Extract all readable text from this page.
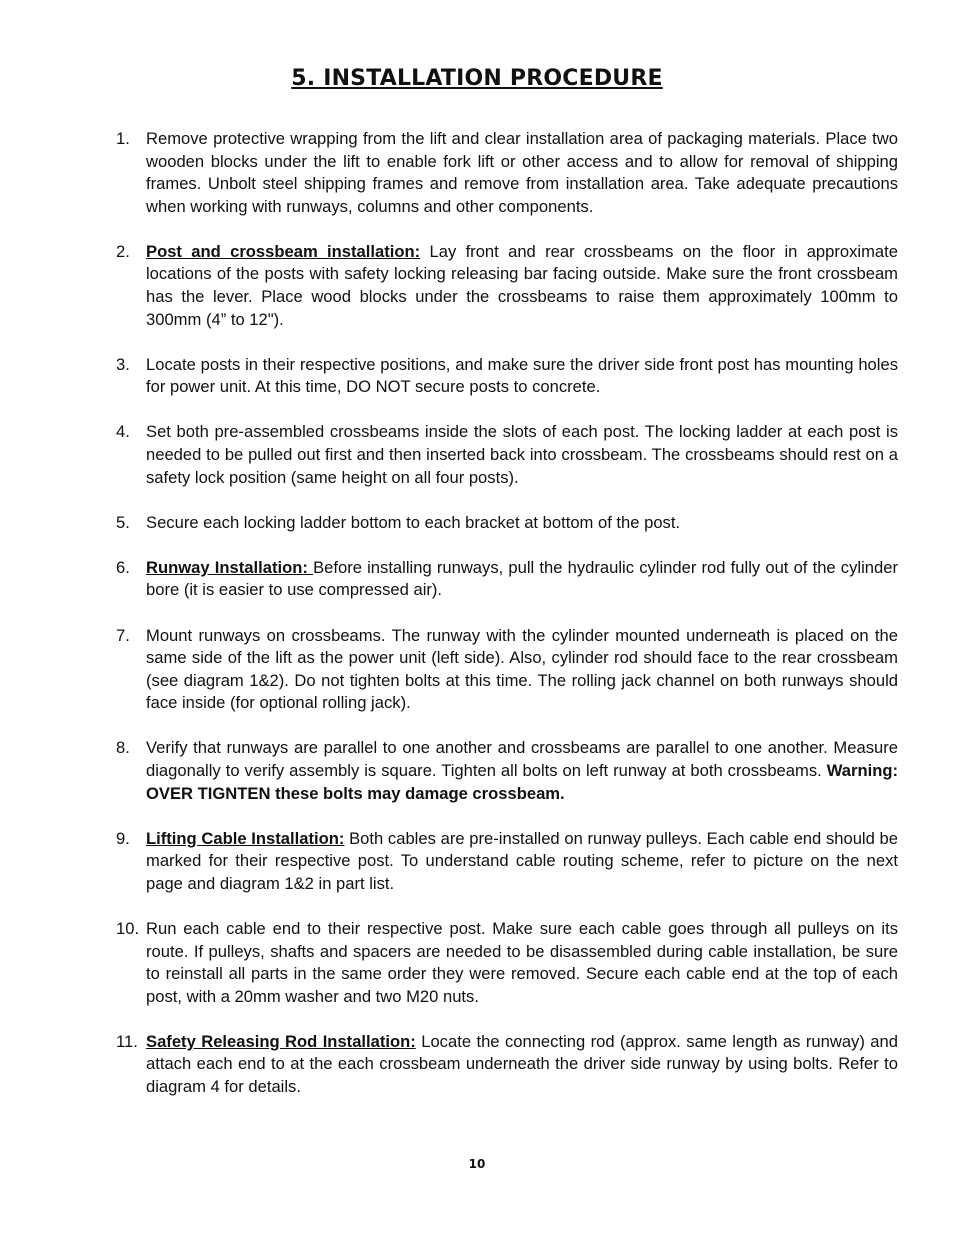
5. INSTALLATION PROCEDURE
1. Remove protective wrapping from the lift and clear installation area of packaging materials. Place two wooden blocks under the lift to enable fork lift or other access and to allow for removal of shipping frames. Unbolt steel shipping frames and remove from installation area. Take adequate precautions when working with runways, columns and other components.
2. Post and crossbeam installation: Lay front and rear crossbeams on the floor in approximate locations of the posts with safety locking releasing bar facing outside. Make sure the front crossbeam has the lever. Place wood blocks under the crossbeams to raise them approximately 100mm to 300mm (4” to 12").
3. Locate posts in their respective positions, and make sure the driver side front post has mounting holes for power unit. At this time, DO NOT secure posts to concrete.
4. Set both pre-assembled crossbeams inside the slots of each post. The locking ladder at each post is needed to be pulled out first and then inserted back into crossbeam. The crossbeams should rest on a safety lock position (same height on all four posts).
5. Secure each locking ladder bottom to each bracket at bottom of the post.
6. Runway Installation: Before installing runways, pull the hydraulic cylinder rod fully out of the cylinder bore (it is easier to use compressed air).
7. Mount runways on crossbeams. The runway with the cylinder mounted underneath is placed on the same side of the lift as the power unit (left side). Also, cylinder rod should face to the rear crossbeam (see diagram 1&2). Do not tighten bolts at this time. The rolling jack channel on both runways should face inside (for optional rolling jack).
8. Verify that runways are parallel to one another and crossbeams are parallel to one another. Measure diagonally to verify assembly is square. Tighten all bolts on left runway at both crossbeams. Warning: OVER TIGNTEN these bolts may damage crossbeam.
9. Lifting Cable Installation: Both cables are pre-installed on runway pulleys. Each cable end should be marked for their respective post. To understand cable routing scheme, refer to picture on the next page and diagram 1&2 in part list.
10. Run each cable end to their respective post. Make sure each cable goes through all pulleys on its route. If pulleys, shafts and spacers are needed to be disassembled during cable installation, be sure to reinstall all parts in the same order they were removed. Secure each cable end at the top of each post, with a 20mm washer and two M20 nuts.
11. Safety Releasing Rod Installation: Locate the connecting rod (approx. same length as runway) and attach each end to at the each crossbeam underneath the driver side runway by using bolts. Refer to diagram 4 for details.
10
